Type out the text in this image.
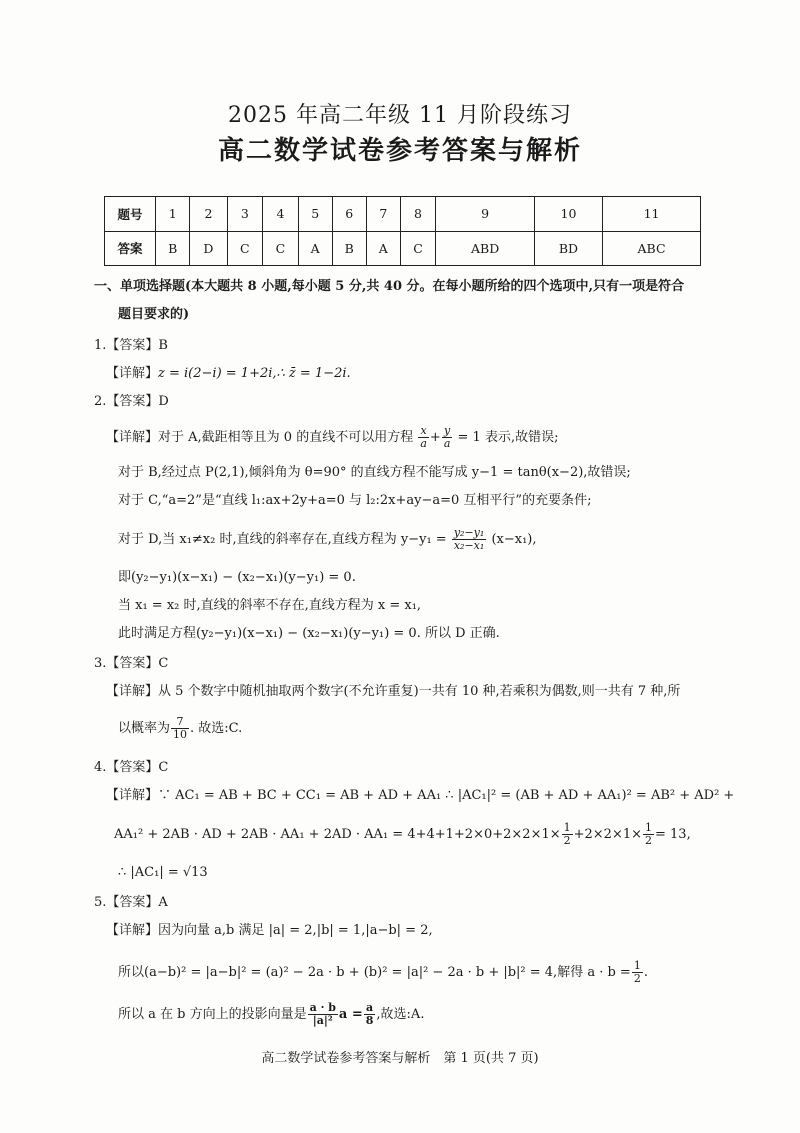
2025 年高二年级 11 月阶段练习
高二数学试卷参考答案与解析
题号	1	2	3	4	5	6	7	8	9	10	11
答案	B	D	C	C	A	B	A	C	ABD	BD	ABC
一、单项选择题(本大题共 8 小题,每小题 5 分,共 40 分。在每小题所给的四个选项中,只有一项是符合
题目要求的)
1.【答案】B
【详解】z = i(2−i) = 1+2i,∴ z̄ = 1−2i.
2.【答案】D
【详解】对于 A,截距相等且为 0 的直线不可以用方程 $\frac{x}{a} + \frac{y}{a} = 1$ 表示,故错误;
对于 B,经过点 P(2,1),倾斜角为 θ=90° 的直线方程不能写成 y−1 = tanθ(x−2),故错误;
对于 C,“a=2”是“直线 l₁:ax+2y+a=0 与 l₂:2x+ay−a=0 互相平行”的充要条件;
对于 D,当 x₁≠x₂ 时,直线的斜率存在,直线方程为 $y-y_1 = \frac{\text{y₂−y₁}}{\text{x₂−x₁}} (x-x_1)$,
即(y₂−y₁)(x−x₁) − (x₂−x₁)(y−y₁) = 0.
当 x₁ = x₂ 时,直线的斜率不存在,直线方程为 x = x₁,
此时满足方程(y₂−y₁)(x−x₁) − (x₂−x₁)(y−y₁) = 0. 所以 D 正确.
3.【答案】C
【详解】从 5 个数字中随机抽取两个数字(不允许重复)一共有 10 种,若乘积为偶数,则一共有 7 种,所
以概率为 $\frac{7}{10}$ . 故选:C.
4.【答案】C
【详解】∵ AC₁ = AB + BC + CC₁ = AB + AD + AA₁ ∴ |AC₁|² = (AB + AD + AA₁)² = AB² + AD² +
AA₁² + 2AB · AD + $2AB \cdot AA_1 + 2AD \cdot AA_1 = 4+4+1+2\times 0+2\times 2\times 1\times \frac{1}{2} +2\times 2\times 1\times \frac{1}{2} = 13$,
∴ |AC₁| = √13
5.【答案】A
【详解】因为向量 a,b 满足 |a| = 2,|b| = 1,|a−b| = 2,
所以(a−b)² = |a−b|² = (a)² − 2a · b + (b)² = |a|² − 2a · b + |b|² = 4,解得 $a \cdot b = \frac{1}{2}$ .
所以 a 在 b 方向上的投影向量是 $\frac{a \cdot b}{\text{|a|²}}$ $a = \frac{a}{8}$ ,故选:A.
高二数学试卷参考答案与解析　第 1 页(共 7 页)
